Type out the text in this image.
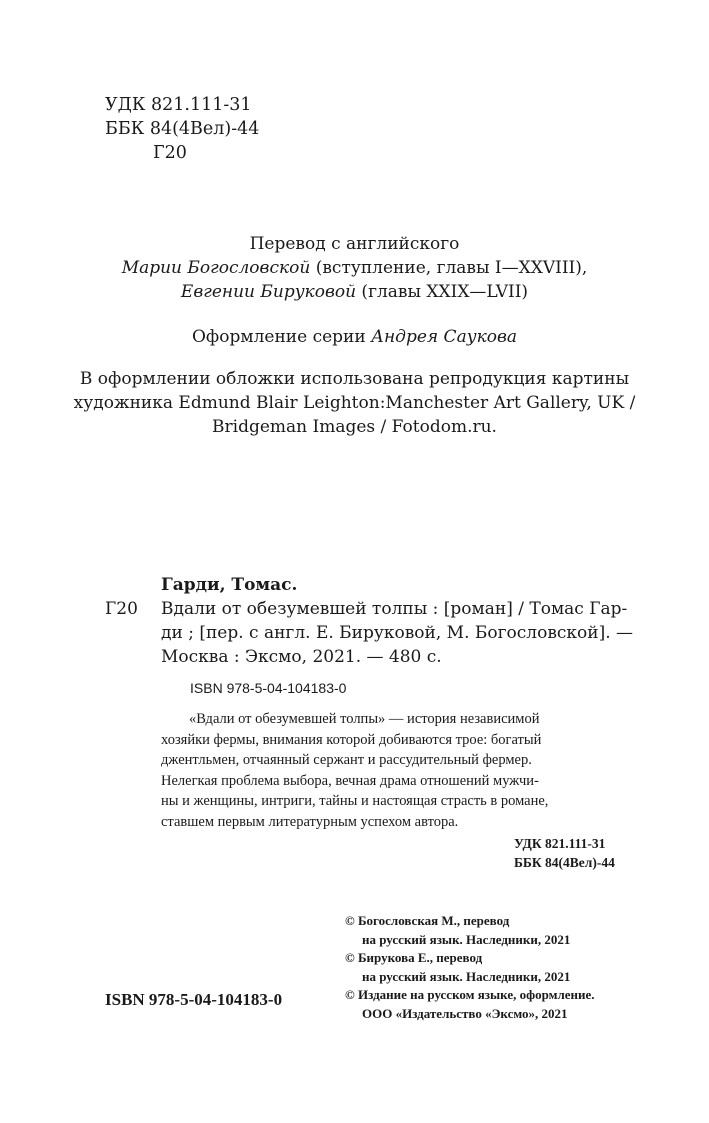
УДК 821.111-31
ББК 84(4Вел)-44
Г20
Перевод с английского
Марии Богословской (вступление, главы I—XXVIII),
Евгении Бируковой (главы XXIX—LVII)
Оформление серии Андрея Саукова
В оформлении обложки использована репродукция картины
художника Edmund Blair Leighton:Manchester Art Gallery, UK /
Bridgeman Images / Fotodom.ru.
Гарди, Томас.
Г20 Вдали от обезумевшей толпы : [роман] / Томас Гар-
ди ; [пер. с англ. Е. Бируковой, М. Богословской]. —
Москва : Эксмо, 2021. — 480 с.
ISBN 978-5-04-104183-0
«Вдали от обезумевшей толпы» — история независимой
хозяйки фермы, внимания которой добиваются трое: богатый
джентльмен, отчаянный сержант и рассудительный фермер.
Нелегкая проблема выбора, вечная драма отношений мужчи-
ны и женщины, интриги, тайны и настоящая страсть в романе,
ставшем первым литературным успехом автора.
УДК 821.111-31
ББК 84(4Вел)-44
© Богословская М., перевод
на русский язык. Наследники, 2021
© Бирукова Е., перевод
на русский язык. Наследники, 2021
© Издание на русском языке, оформление.
ООО «Издательство «Эксмо», 2021
ISBN 978-5-04-104183-0
